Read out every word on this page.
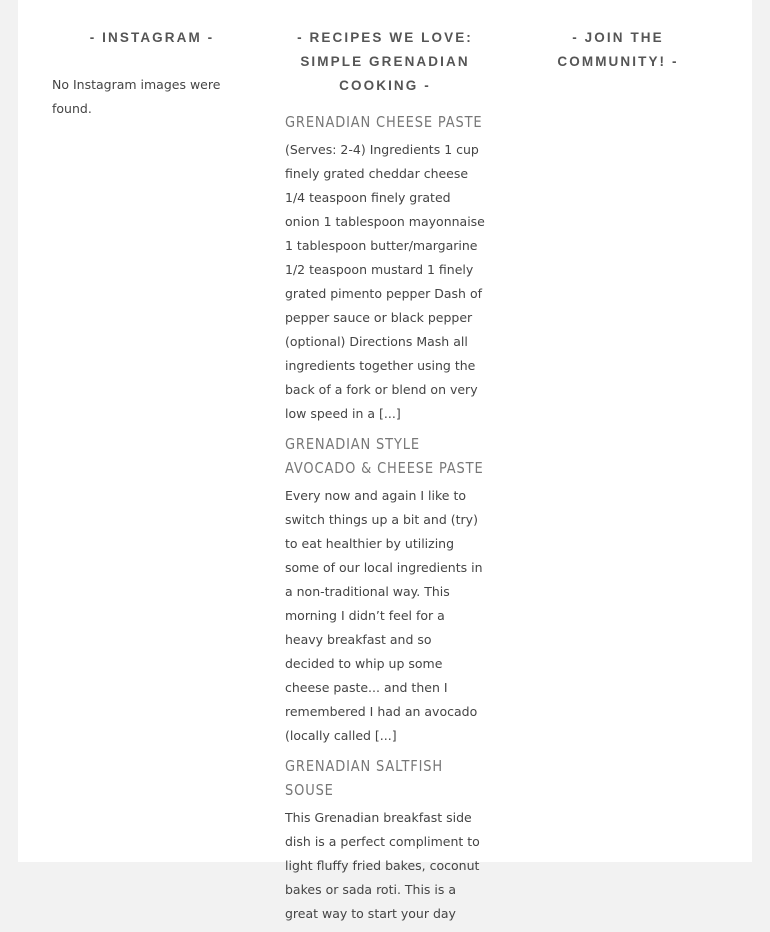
- INSTAGRAM -
No Instagram images were found.
- RECIPES WE LOVE: SIMPLE GRENADIAN COOKING -
GRENADIAN CHEESE PASTE

(Serves: 2-4) Ingredients 1 cup finely grated cheddar cheese 1/4 teaspoon finely grated onion 1 tablespoon mayonnaise 1 tablespoon butter/margarine 1/2 teaspoon mustard 1 finely grated pimento pepper Dash of pepper sauce or black pepper (optional) Directions Mash all ingredients together using the back of a fork or blend on very low speed in a [...]

GRENADIAN STYLE AVOCADO & CHEESE PASTE

Every now and again I like to switch things up a bit and (try) to eat healthier by utilizing some of our local ingredients in a non-traditional way. This morning I didn’t feel for a heavy breakfast and so decided to whip up some cheese paste... and then I remembered I had an avocado (locally called [...]

GRENADIAN SALTFISH SOUSE

This Grenadian breakfast side dish is a perfect compliment to light fluffy fried bakes, coconut bakes or sada roti. This is a great way to start your day

- JOIN THE COMMUNITY! -
